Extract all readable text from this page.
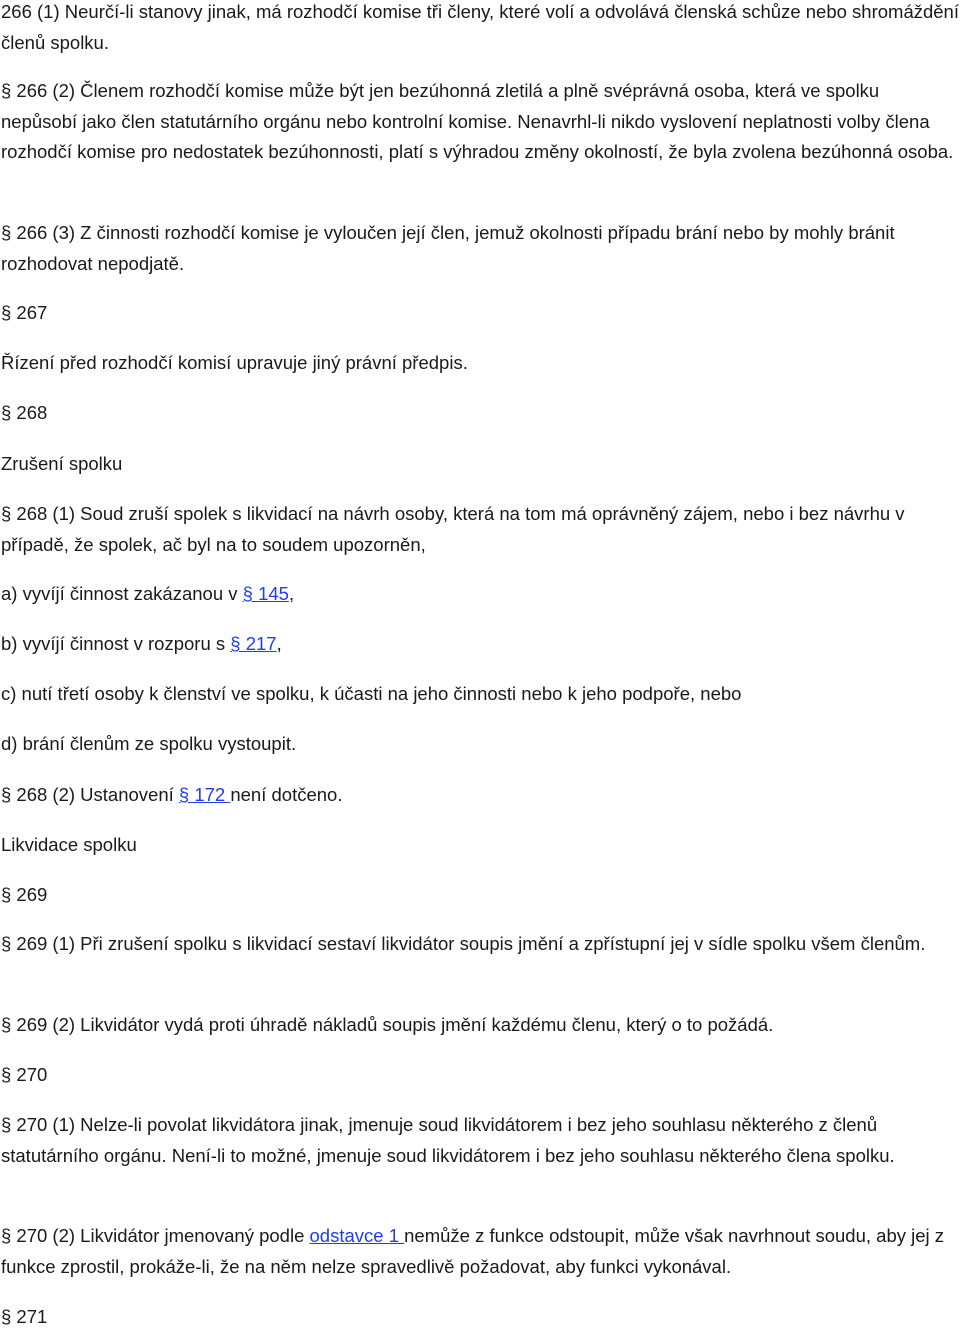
266 (1) Neurčí-li stanovy jinak, má rozhodčí komise tři členy, které volí a odvolává členská schůze nebo shromáždění členů spolku.

§ 266 (2) Členem rozhodčí komise může být jen bezúhonná zletilá a plně svéprávná osoba, která ve spolku nepůsobí jako člen statutárního orgánu nebo kontrolní komise. Nenavrhl-li nikdo vyslovení neplatnosti volby člena rozhodčí komise pro nedostatek bezúhonnosti, platí s výhradou změny okolností, že byla zvolena bezúhonná osoba.

§ 266 (3) Z činnosti rozhodčí komise je vyloučen její člen, jemuž okolnosti případu brání nebo by mohly bránit rozhodovat nepodjatě.

§ 267

Řízení před rozhodčí komisí upravuje jiný právní předpis.

§ 268

Zrušení spolku

§ 268 (1) Soud zruší spolek s likvidací na návrh osoby, která na tom má oprávněný zájem, nebo i bez návrhu v případě, že spolek, ač byl na to soudem upozorněn,

a) vyvíjí činnost zakázanou v § 145,

b) vyvíjí činnost v rozporu s § 217,

c) nutí třetí osoby k členství ve spolku, k účasti na jeho činnosti nebo k jeho podpoře, nebo

d) brání členům ze spolku vystoupit.

§ 268 (2) Ustanovení § 172 není dotčeno.

Likvidace spolku

§ 269

§ 269 (1) Při zrušení spolku s likvidací sestaví likvidátor soupis jmění a zpřístupní jej v sídle spolku všem členům.

§ 269 (2) Likvidátor vydá proti úhradě nákladů soupis jmění každému členu, který o to požádá.

§ 270

§ 270 (1) Nelze-li povolat likvidátora jinak, jmenuje soud likvidátorem i bez jeho souhlasu některého z členů statutárního orgánu. Není-li to možné, jmenuje soud likvidátorem i bez jeho souhlasu některého člena spolku.

§ 270 (2) Likvidátor jmenovaný podle odstavce 1 nemůže z funkce odstoupit, může však navrhnout soudu, aby jej z funkce zprostil, prokáže-li, že na něm nelze spravedlivě požadovat, aby funkci vykonával.

§ 271
